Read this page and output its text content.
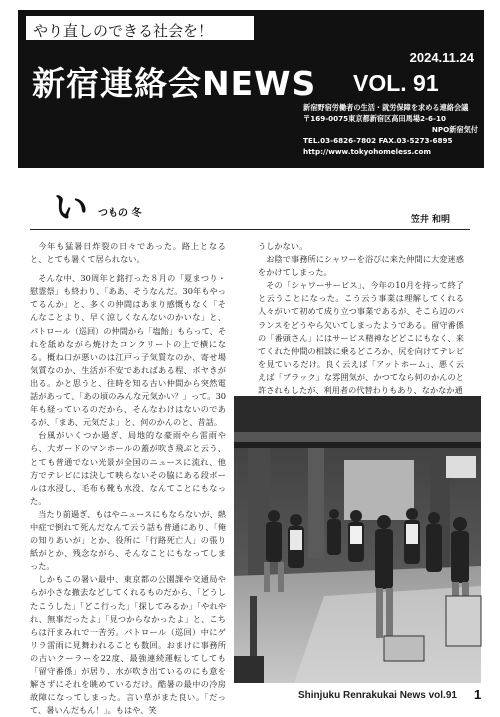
やり直しのできる社会を！
2024.11.24
新宿連絡会NEWS VOL. 91
新宿野宿労働者の生活・就労保障を求める連絡会議
〒169-0075東京都新宿区高田馬場2-6-10
NPO新宿気付
TEL.03-6826-7802 FAX.03-5273-6895
http://www.tokyohomeless.com
い つもの 冬
笠井 和明

今年も猛暑日炸裂の日々であった。路上となると、とても暑くて居られない。

そんな中、30周年と銘打った８月の「夏まつり・慰霊祭」も終わり、「ああ、そうなんだ。30年もやってるんか」と、多くの仲間はあまり感慨もなく「そんなことより、早く涼しくなんないのかいな」と、パトロール（巡回）の仲間から「塩飴」もらって、それを舐めながら焼けたコンクリートの上で横になる。概ね口が悪いのは江戸っ子気質なのか、寄せ場気質なのか、生活が不安であればある程、ボヤきが出る。かと思うと、往時を知る古い仲間から突然電話があって、「あの頃のみんな元気かい？」って。30年も経っているのだから、そんなわけはないのであるが、「まあ、元気だよ」と、何のかんのと、昔話。

台風がいくつか過ぎ、局地的な豪雨やら雷雨やら、大ガードのマンホールの蓋が吹き飛ぶと云う、とても普通でない光景が全国のニュースに流れ、他方でテレビには決して映らないその脇にある段ボールは水浸し、毛布も靴も水没、なんてことにもなった。

当たり前過ぎ、もはやニュースにもならないが、熱中症で倒れて死んだなんて云う話も普通にあり、「俺の知りあいが」とか、役所に「行路死亡人」の張り紙がとか、残念ながら、そんなことにもなってしまった。

しかもこの暑い最中、東京都の公園課や交通局やらが小さな撤去などしてくれるものだから、「どうしたこうした」「どこ行った」「探してみるか」「やれやれ、無事だったよ」「見つからなかったよ」と、こちらは汗まみれで一苦労。パトロール（巡回）中にゲリラ雷雨に見舞われることも数回。おまけに事務所の古いクーラーを22度、最強連続運転してしても「留守番係」が居り、水が吹き出ているのにも意を解さずにそれを眺めているだけ。酷暑の最中の冷房故障になってしまった。言い草がまた良い。「だって、暑いんだもん！」。もはや、笑

うしかない。

お陰で事務所にシャワーを浴びに来た仲間に大変迷惑をかけてしまった。

その「シャワーサービス」、今年の10月を持って終了と云うことになった。こう云う事業は理解してくれる人々がいて初めて成り立つ事業であるが、そこら辺のバランスをどうやら欠いてしまったようである。留守番係の「番頭さん」にはサービス精神などどこにもなく、来てくれた仲間の相談に乗るどころか、尻を向けてテレビを見ているだけ。良く云えば「アットホーム」、悪く云えば「ブラック」な雰囲気が、かつてなら何のかんのと許されもしたが、利用者の代替わりもあり、なかなか通

Shinjuku Renrakukai News vol.91 1
